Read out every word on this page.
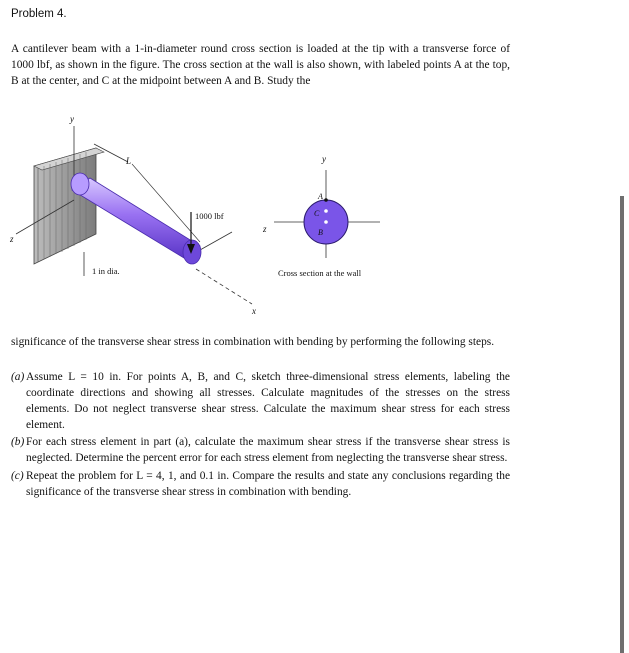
Problem 4.
A cantilever beam with a 1-in-diameter round cross section is loaded at the tip with a transverse force of 1000 lbf, as shown in the figure. The cross section at the wall is also shown, with labeled points A at the top, B at the center, and C at the midpoint between A and B. Study the
y
z
x
L
1000 lbf
1 in dia.
y
z
A
C
B
Cross section at the wall
significance of the transverse shear stress in combination with bending by performing the following steps.
(a) Assume L = 10 in. For points A, B, and C, sketch three-dimensional stress elements, labeling the coordinate directions and showing all stresses. Calculate magnitudes of the stresses on the stress elements. Do not neglect transverse shear stress. Calculate the maximum shear stress for each stress element.
(b) For each stress element in part (a), calculate the maximum shear stress if the transverse shear stress is neglected. Determine the percent error for each stress element from neglecting the transverse shear stress.
(c) Repeat the problem for L = 4, 1, and 0.1 in. Compare the results and state any conclusions regarding the significance of the transverse shear stress in combination with bending.
